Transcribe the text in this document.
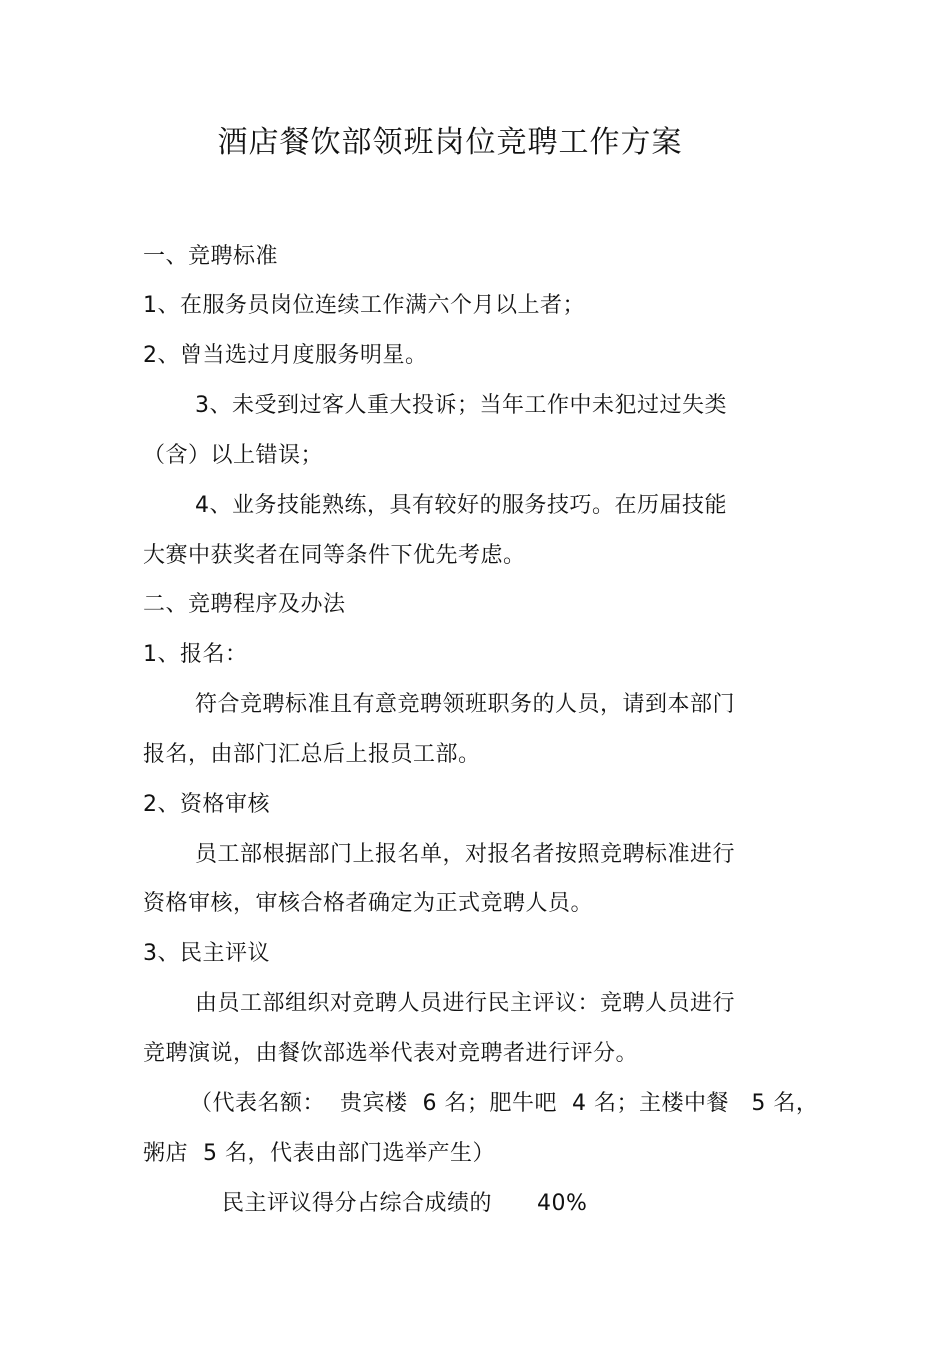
酒店餐饮部领班岗位竞聘工作方案
一、竞聘标准
1、在服务员岗位连续工作满六个月以上者；
2、曾当选过月度服务明星。
3、未受到过客人重大投诉；当年工作中未犯过过失类
（含）以上错误；
4、业务技能熟练，具有较好的服务技巧。在历届技能
大赛中获奖者在同等条件下优先考虑。
二、竞聘程序及办法
1、报名：
符合竞聘标准且有意竞聘领班职务的人员，请到本部门
报名，由部门汇总后上报员工部。
2、资格审核
员工部根据部门上报名单，对报名者按照竞聘标准进行
资格审核，审核合格者确定为正式竞聘人员。
3、民主评议
由员工部组织对竞聘人员进行民主评议：竞聘人员进行
竞聘演说，由餐饮部选举代表对竞聘者进行评分。
（代表名额：  贵宾楼  6 名；肥牛吧  4 名；主楼中餐   5 名，
粥店  5 名，代表由部门选举产生）
民主评议得分占综合成绩的      40%
